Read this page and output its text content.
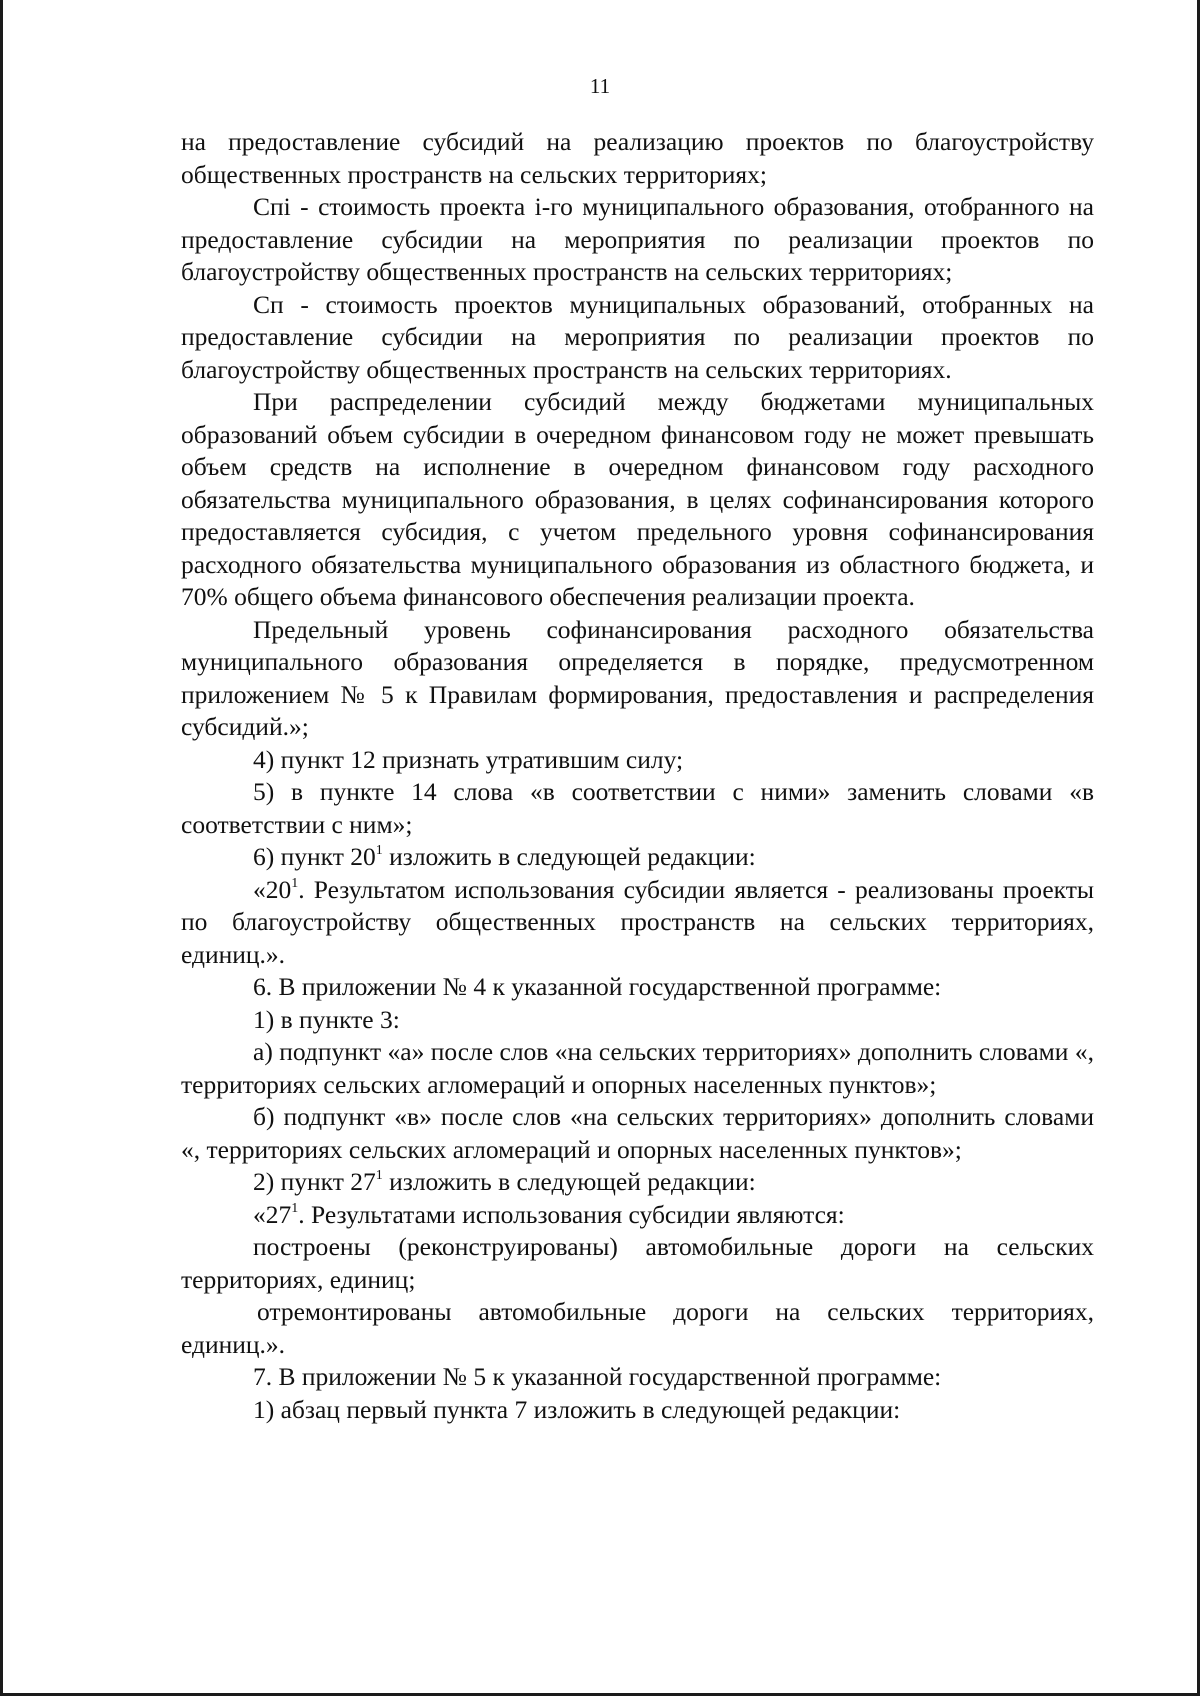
11

на предоставление субсидий на реализацию проектов по благоустройству общественных пространств на сельских территориях;

Спi - стоимость проекта i-го муниципального образования, отобранного на предоставление субсидии на мероприятия по реализации проектов по благоустройству общественных пространств на сельских территориях;

Сп - стоимость проектов муниципальных образований, отобранных на предоставление субсидии на мероприятия по реализации проектов по благоустройству общественных пространств на сельских территориях.

При распределении субсидий между бюджетами муниципальных образований объем субсидии в очередном финансовом году не может превышать объем средств на исполнение в очередном финансовом году расходного обязательства муниципального образования, в целях софинансирования которого предоставляется субсидия, с учетом предельного уровня софинансирования расходного обязательства муниципального образования из областного бюджета, и 70% общего объема финансового обеспечения реализации проекта.

Предельный уровень софинансирования расходного обязательства муниципального образования определяется в порядке, предусмотренном приложением № 5 к Правилам формирования, предоставления и распределения субсидий.»;

4) пункт 12 признать утратившим силу;

5) в пункте 14 слова «в соответствии с ними» заменить словами «в соответствии с ним»;

6) пункт $20^1$ изложить в следующей редакции:

«$20^1$. Результатом использования субсидии является - реализованы проекты по благоустройству общественных пространств на сельских территориях, единиц.».

6. В приложении № 4 к указанной государственной программе:

1) в пункте 3:

а) подпункт «а» после слов «на сельских территориях» дополнить словами «, территориях сельских агломераций и опорных населенных пунктов»;

б) подпункт «в» после слов «на сельских территориях» дополнить словами «, территориях сельских агломераций и опорных населенных пунктов»;

2) пункт $27^1$ изложить в следующей редакции:

«$27^1$. Результатами использования субсидии являются:

построены (реконструированы) автомобильные дороги на сельских территориях, единиц;

отремонтированы автомобильные дороги на сельских территориях, единиц.».

7. В приложении № 5 к указанной государственной программе:

1) абзац первый пункта 7 изложить в следующей редакции:
